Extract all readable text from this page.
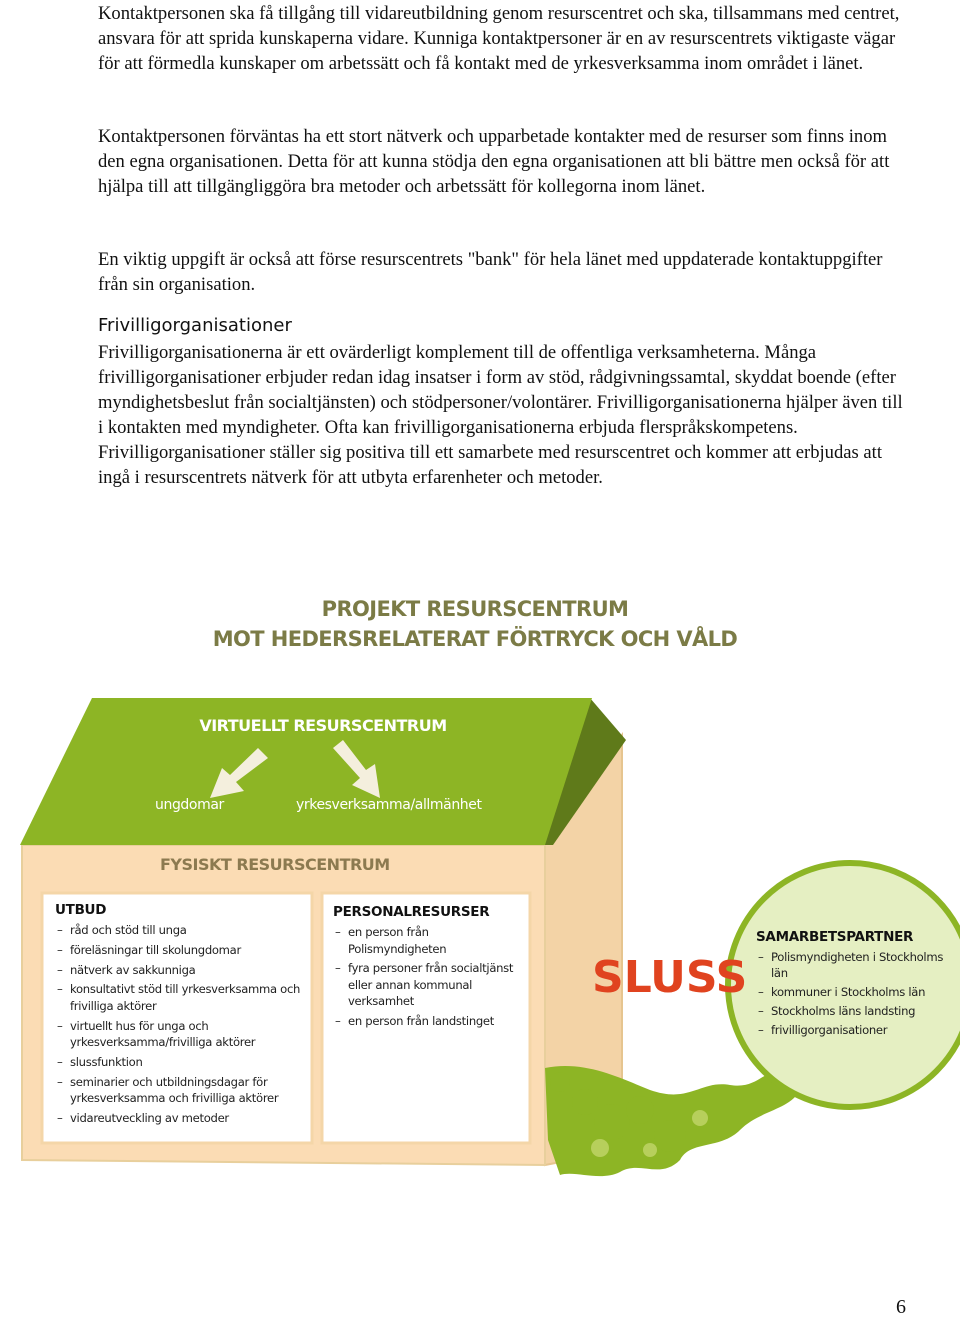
Kontaktpersonen ska få tillgång till vidareutbildning genom resurscentret och ska, tillsammans med centret, ansvara för att sprida kunskaperna vidare. Kunniga kontaktpersoner är en av resurscentrets viktigaste vägar för att förmedla kunskaper om arbetssätt och få kontakt med de yrkesverksamma inom området i länet.

Kontaktpersonen förväntas ha ett stort nätverk och upparbetade kontakter med de resurser som finns inom den egna organisationen. Detta för att kunna stödja den egna organisationen att bli bättre men också för att hjälpa till att tillgängliggöra bra metoder och arbetssätt för kollegorna inom länet.

En viktig uppgift är också att förse resurscentrets "bank" för hela länet med uppdaterade kontaktuppgifter från sin organisation.

Frivilligorganisationer

Frivilligorganisationerna är ett ovärderligt komplement till de offentliga verksamheterna. Många frivilligorganisationer erbjuder redan idag insatser i form av stöd, rådgivningssamtal, skyddat boende (efter myndighetsbeslut från socialtjänsten) och stödpersoner/volontärer. Frivilligorganisationerna hjälper även till i kontakten med myndigheter. Ofta kan frivilligorganisationerna erbjuda flerspråkskompetens. Frivilligorganisationer ställer sig positiva till ett samarbete med resurscentret och kommer att erbjudas att ingå i resurscentrets nätverk för att utbyta erfarenheter och metoder.

PROJEKT RESURSCENTRUM
MOT HEDERSRELATERAT FÖRTRYCK OCH VÅLD
VIRTUELLT RESURSCENTRUM
ungdomar	yrkesverksamma/allmänhet
FYSISKT RESURSCENTRUM
UTBUD
– råd och stöd till unga
– föreläsningar till skolungdomar
– nätverk av sakkunniga
– konsultativt stöd till yrkesverksamma och frivilliga aktörer
– virtuellt hus för unga och yrkesverksamma/frivilliga aktörer
– slussfunktion
– seminarier och utbildningsdagar för yrkesverksamma och frivilliga aktörer
– vidareutveckling av metoder
PERSONALRESURSER
– en person från Polismyndigheten
– fyra personer från socialtjänst eller annan kommunal verksamhet
– en person från landstinget
SLUSS
SAMARBETSPARTNER
– Polismyndigheten i Stockholms län
– kommuner i Stockholms län
– Stockholms läns landsting
– frivilligorganisationer
6
